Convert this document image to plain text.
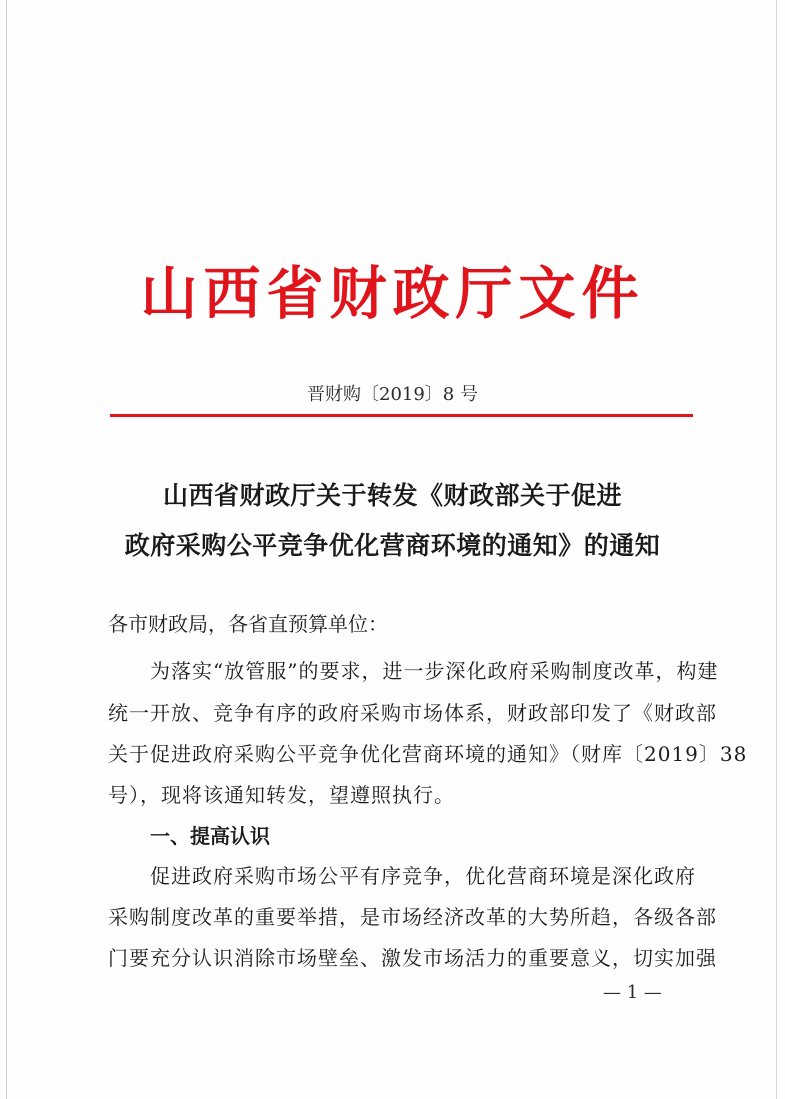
山西省财政厅文件
晋财购〔2019〕8 号
山西省财政厅关于转发《财政部关于促进
政府采购公平竞争优化营商环境的通知》的通知
各市财政局，各省直预算单位：
为落实“放管服”的要求，进一步深化政府采购制度改革，构建
统一开放、竞争有序的政府采购市场体系，财政部印发了《财政部
关于促进政府采购公平竞争优化营商环境的通知》（财库〔2019〕38
号），现将该通知转发，望遵照执行。
一、提高认识
促进政府采购市场公平有序竞争，优化营商环境是深化政府
采购制度改革的重要举措，是市场经济改革的大势所趋，各级各部
门要充分认识消除市场壁垒、激发市场活力的重要意义，切实加强
— 1 —
